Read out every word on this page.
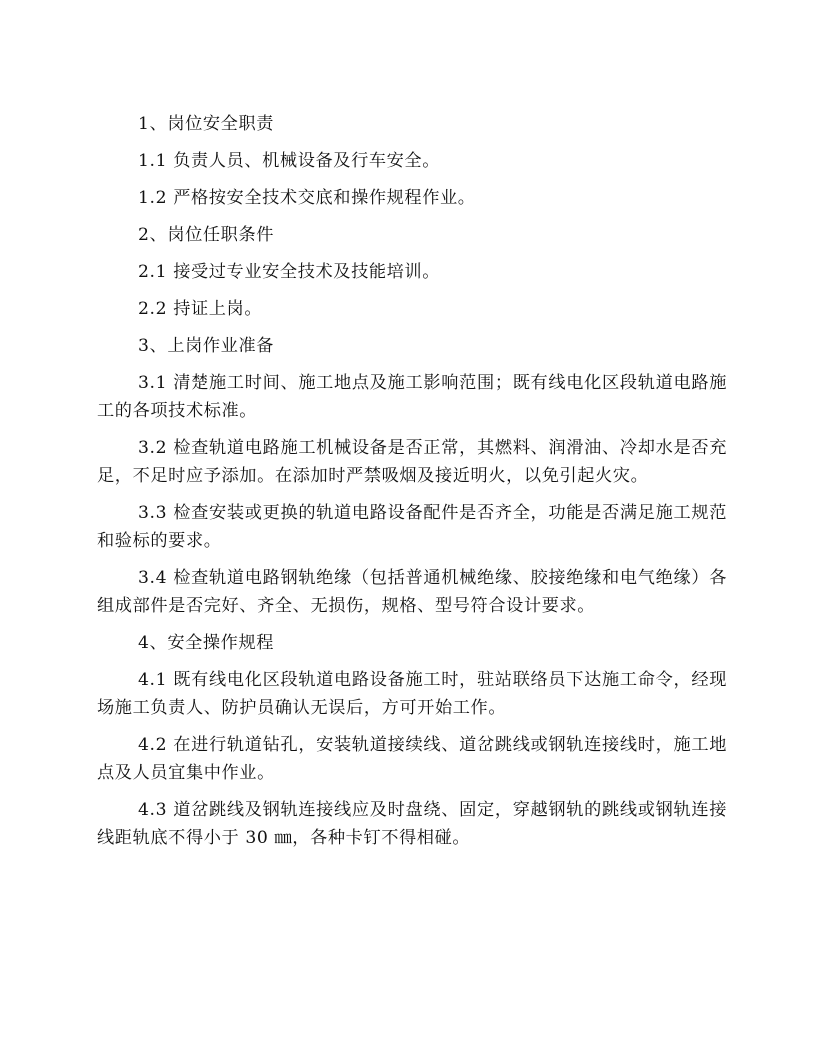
1、岗位安全职责

1.1 负责人员、机械设备及行车安全。

1.2 严格按安全技术交底和操作规程作业。

2、岗位任职条件

2.1 接受过专业安全技术及技能培训。

2.2 持证上岗。

3、上岗作业准备

3.1 清楚施工时间、施工地点及施工影响范围；既有线电化区段轨道电路施工的各项技术标准。

3.2 检查轨道电路施工机械设备是否正常，其燃料、润滑油、冷却水是否充足，不足时应予添加。在添加时严禁吸烟及接近明火，以免引起火灾。

3.3 检查安装或更换的轨道电路设备配件是否齐全，功能是否满足施工规范和验标的要求。

3.4 检查轨道电路钢轨绝缘（包括普通机械绝缘、胶接绝缘和电气绝缘）各组成部件是否完好、齐全、无损伤，规格、型号符合设计要求。

4、安全操作规程

4.1 既有线电化区段轨道电路设备施工时，驻站联络员下达施工命令，经现场施工负责人、防护员确认无误后，方可开始工作。

4.2 在进行轨道钻孔，安装轨道接续线、道岔跳线或钢轨连接线时，施工地点及人员宜集中作业。

4.3 道岔跳线及钢轨连接线应及时盘绕、固定，穿越钢轨的跳线或钢轨连接线距轨底不得小于 30 ㎜，各种卡钉不得相碰。
